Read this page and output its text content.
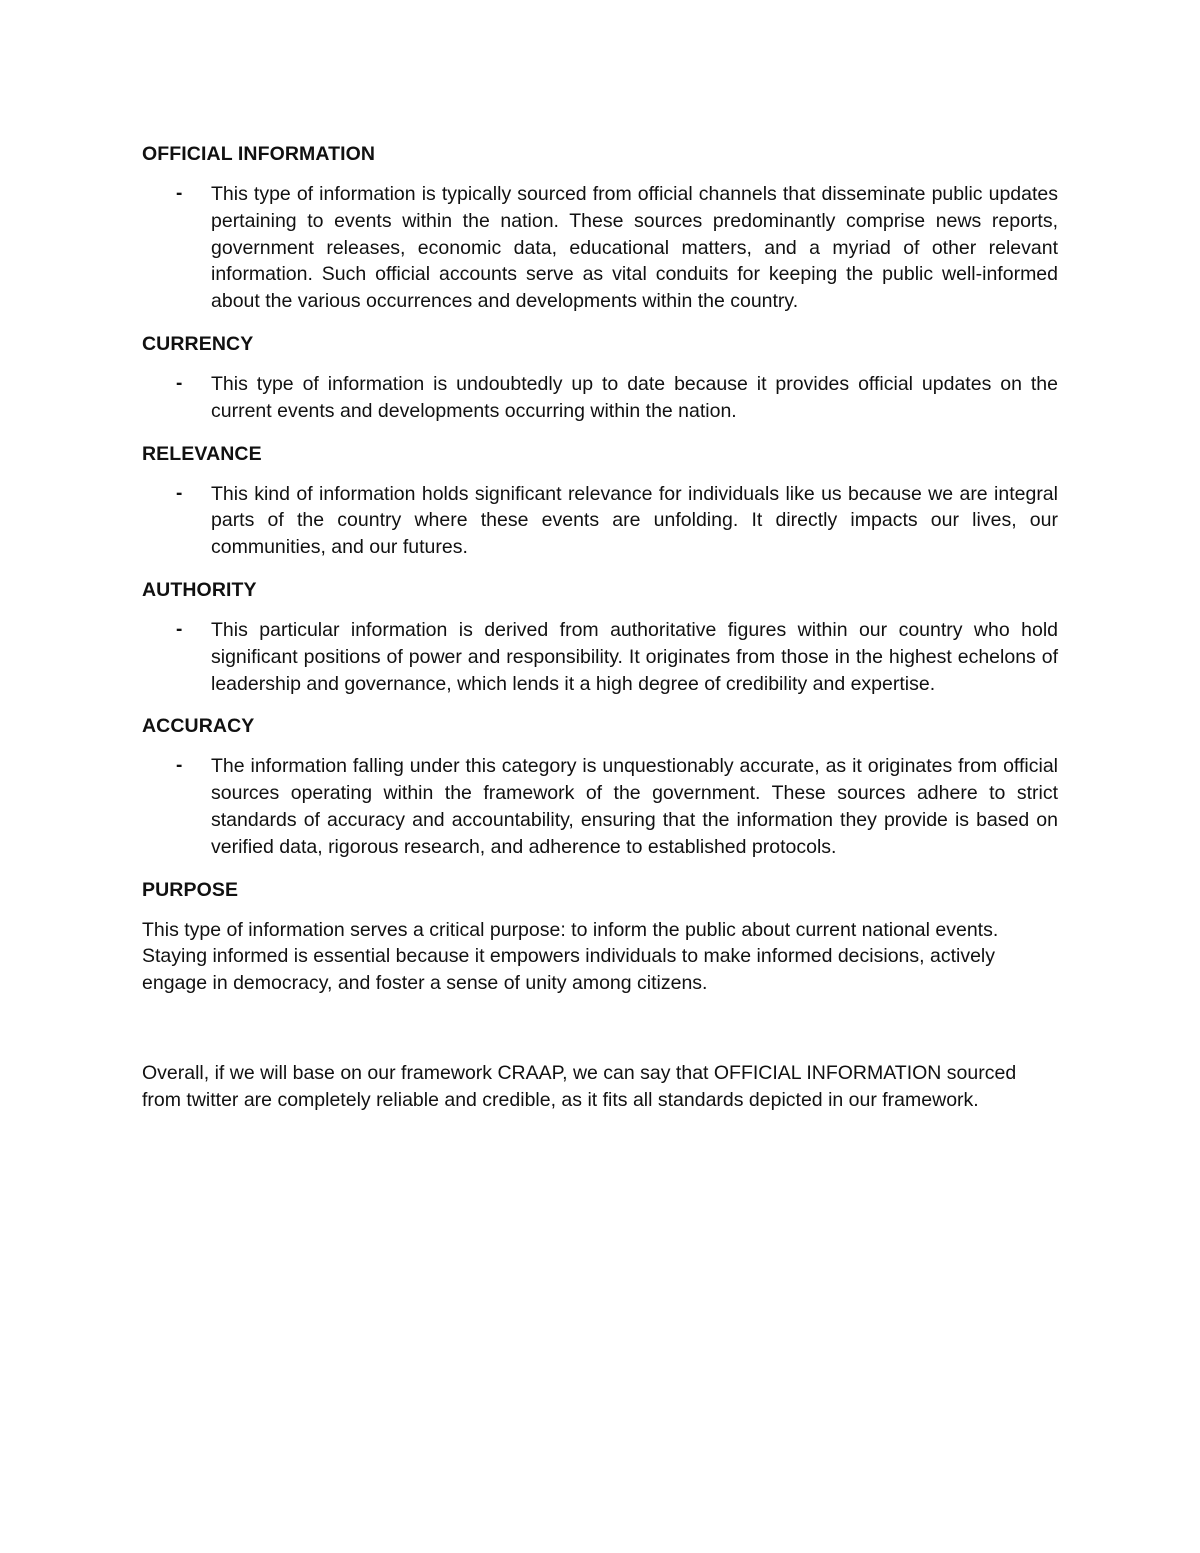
OFFICIAL INFORMATION
- This type of information is typically sourced from official channels that disseminate public updates pertaining to events within the nation. These sources predominantly comprise news reports, government releases, economic data, educational matters, and a myriad of other relevant information. Such official accounts serve as vital conduits for keeping the public well-informed about the various occurrences and developments within the country.

CURRENCY
- This type of information is undoubtedly up to date because it provides official updates on the current events and developments occurring within the nation.

RELEVANCE
- This kind of information holds significant relevance for individuals like us because we are integral parts of the country where these events are unfolding. It directly impacts our lives, our communities, and our futures.

AUTHORITY
- This particular information is derived from authoritative figures within our country who hold significant positions of power and responsibility. It originates from those in the highest echelons of leadership and governance, which lends it a high degree of credibility and expertise.

ACCURACY
- The information falling under this category is unquestionably accurate, as it originates from official sources operating within the framework of the government. These sources adhere to strict standards of accuracy and accountability, ensuring that the information they provide is based on verified data, rigorous research, and adherence to established protocols.

PURPOSE

This type of information serves a critical purpose: to inform the public about current national events. Staying informed is essential because it empowers individuals to make informed decisions, actively engage in democracy, and foster a sense of unity among citizens.

Overall, if we will base on our framework CRAAP, we can say that OFFICIAL INFORMATION sourced from twitter are completely reliable and credible, as it fits all standards depicted in our framework.
